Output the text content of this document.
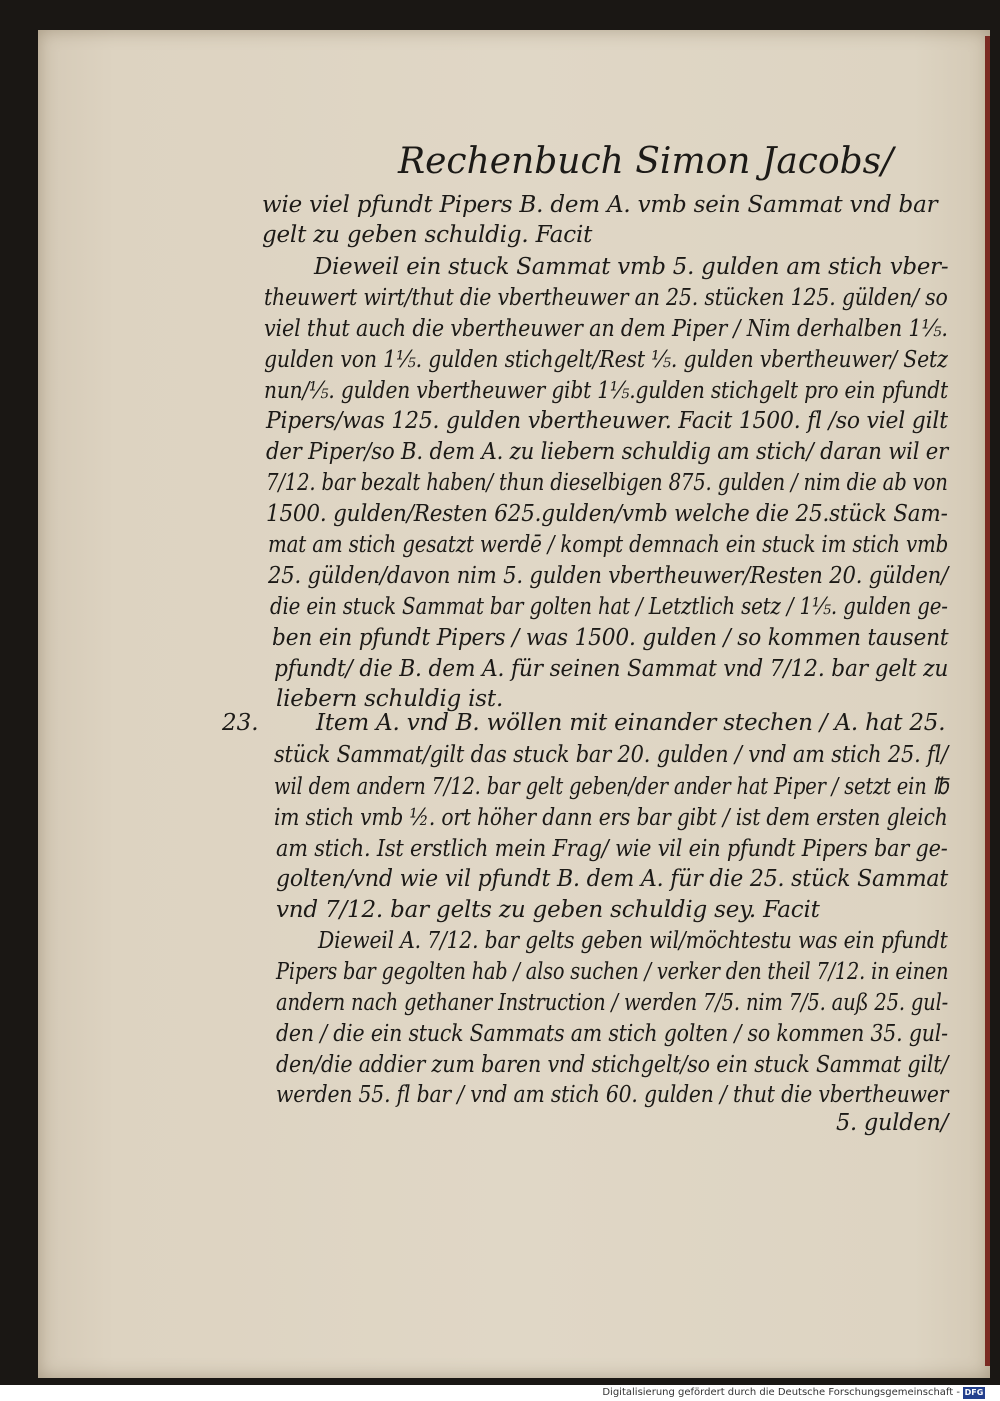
Rechenbuch Simon Jacobs/
23.
wie viel pfundt Pipers B. dem A. vmb sein Sammat vnd bar
gelt zu geben schuldig. Facit
Dieweil ein stuck Sammat vmb 5. gulden am stich vber-
theuwert wirt/thut die vbertheuwer an 25. stücken 125. gülden/ so
viel thut auch die vbertheuwer an dem Piper / Nim derhalben 1⅕.
gulden von 1⅕. gulden stichgelt/Rest ⅕. gulden vbertheuwer/ Setz
nun/⅕. gulden vbertheuwer gibt 1⅕.gulden stichgelt pro ein pfundt
Pipers/was 125. gulden vbertheuwer. Facit 1500. fl /so viel gilt
der Piper/so B. dem A. zu liebern schuldig am stich/ daran wil er
7/12. bar bezalt haben/ thun dieselbigen 875. gulden / nim die ab von
1500. gulden/Resten 625.gulden/vmb welche die 25.stück Sam-
mat am stich gesatzt werdē / kompt demnach ein stuck im stich vmb
25. gülden/davon nim 5. gulden vbertheuwer/Resten 20. gülden/
die ein stuck Sammat bar golten hat / Letztlich setz / 1⅕. gulden ge-
ben ein pfundt Pipers / was 1500. gulden / so kommen tausent
pfundt/ die B. dem A. für seinen Sammat vnd 7/12. bar gelt zu
liebern schuldig ist.
Item A. vnd B. wöllen mit einander stechen / A. hat 25.
stück Sammat/gilt das stuck bar 20. gulden / vnd am stich 25. fl/
wil dem andern 7/12. bar gelt geben/der ander hat Piper / setzt ein ℔
im stich vmb ½. ort höher dann ers bar gibt / ist dem ersten gleich
am stich. Ist erstlich mein Frag/ wie vil ein pfundt Pipers bar ge-
golten/vnd wie vil pfundt B. dem A. für die 25. stück Sammat
vnd 7/12. bar gelts zu geben schuldig sey. Facit
Dieweil A. 7/12. bar gelts geben wil/möchtestu was ein pfundt
Pipers bar gegolten hab / also suchen / verker den theil 7/12. in einen
andern nach gethaner Instruction / werden 7/5. nim 7/5. auß 25. gul-
den / die ein stuck Sammats am stich golten / so kommen 35. gul-
den/die addier zum baren vnd stichgelt/so ein stuck Sammat gilt/
werden 55. fl bar / vnd am stich 60. gulden / thut die vbertheuwer
5. gulden/
Digitalisierung gefördert durch die Deutsche Forschungsgemeinschaft - DFG
